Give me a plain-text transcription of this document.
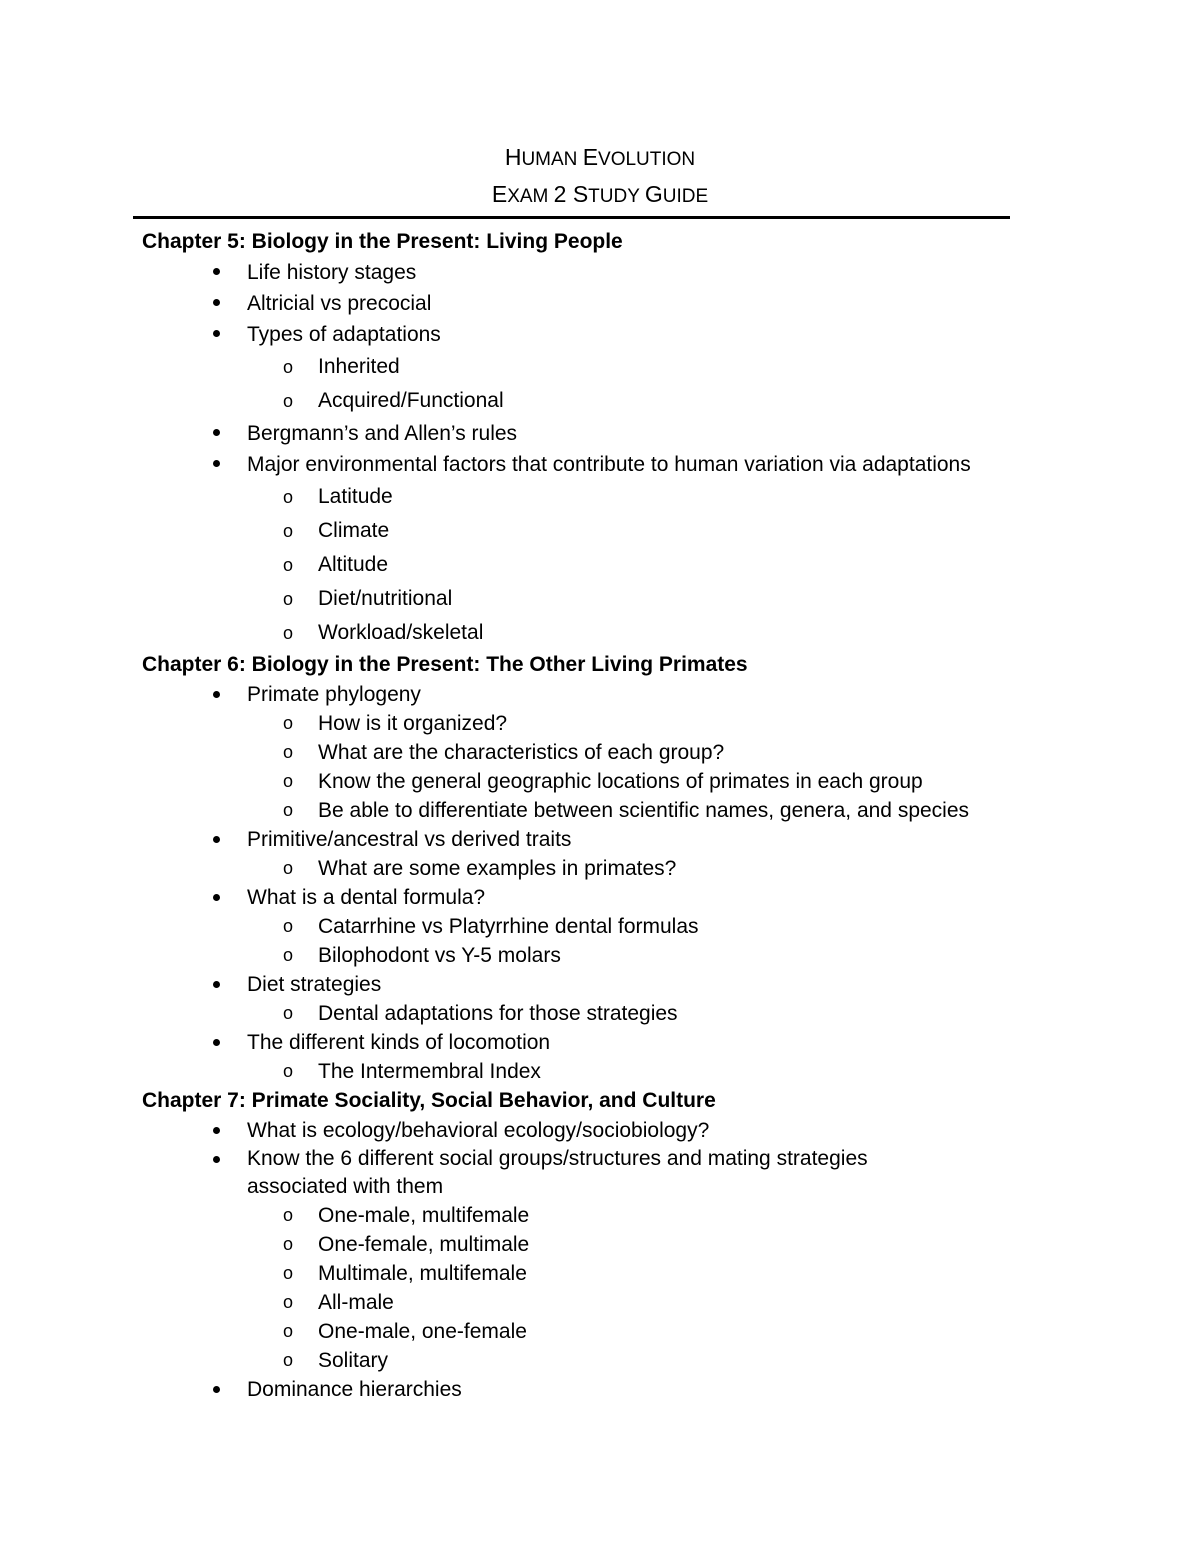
HUMAN EVOLUTION
EXAM 2 STUDY GUIDE
Chapter 5: Biology in the Present: Living People
Life history stages
Altricial vs precocial
Types of adaptations
o Inherited
o Acquired/Functional
Bergmann’s and Allen’s rules
Major environmental factors that contribute to human variation via adaptations
o Latitude
o Climate
o Altitude
o Diet/nutritional
o Workload/skeletal
Chapter 6: Biology in the Present: The Other Living Primates
Primate phylogeny
o How is it organized?
o What are the characteristics of each group?
o Know the general geographic locations of primates in each group
o Be able to differentiate between scientific names, genera, and species
Primitive/ancestral vs derived traits
o What are some examples in primates?
What is a dental formula?
o Catarrhine vs Platyrrhine dental formulas
o Bilophodont vs Y-5 molars
Diet strategies
o Dental adaptations for those strategies
The different kinds of locomotion
o The Intermembral Index
Chapter 7: Primate Sociality, Social Behavior, and Culture
What is ecology/behavioral ecology/sociobiology?
Know the 6 different social groups/structures and mating strategies associated with them
o One-male, multifemale
o One-female, multimale
o Multimale, multifemale
o All-male
o One-male, one-female
o Solitary
Dominance hierarchies
